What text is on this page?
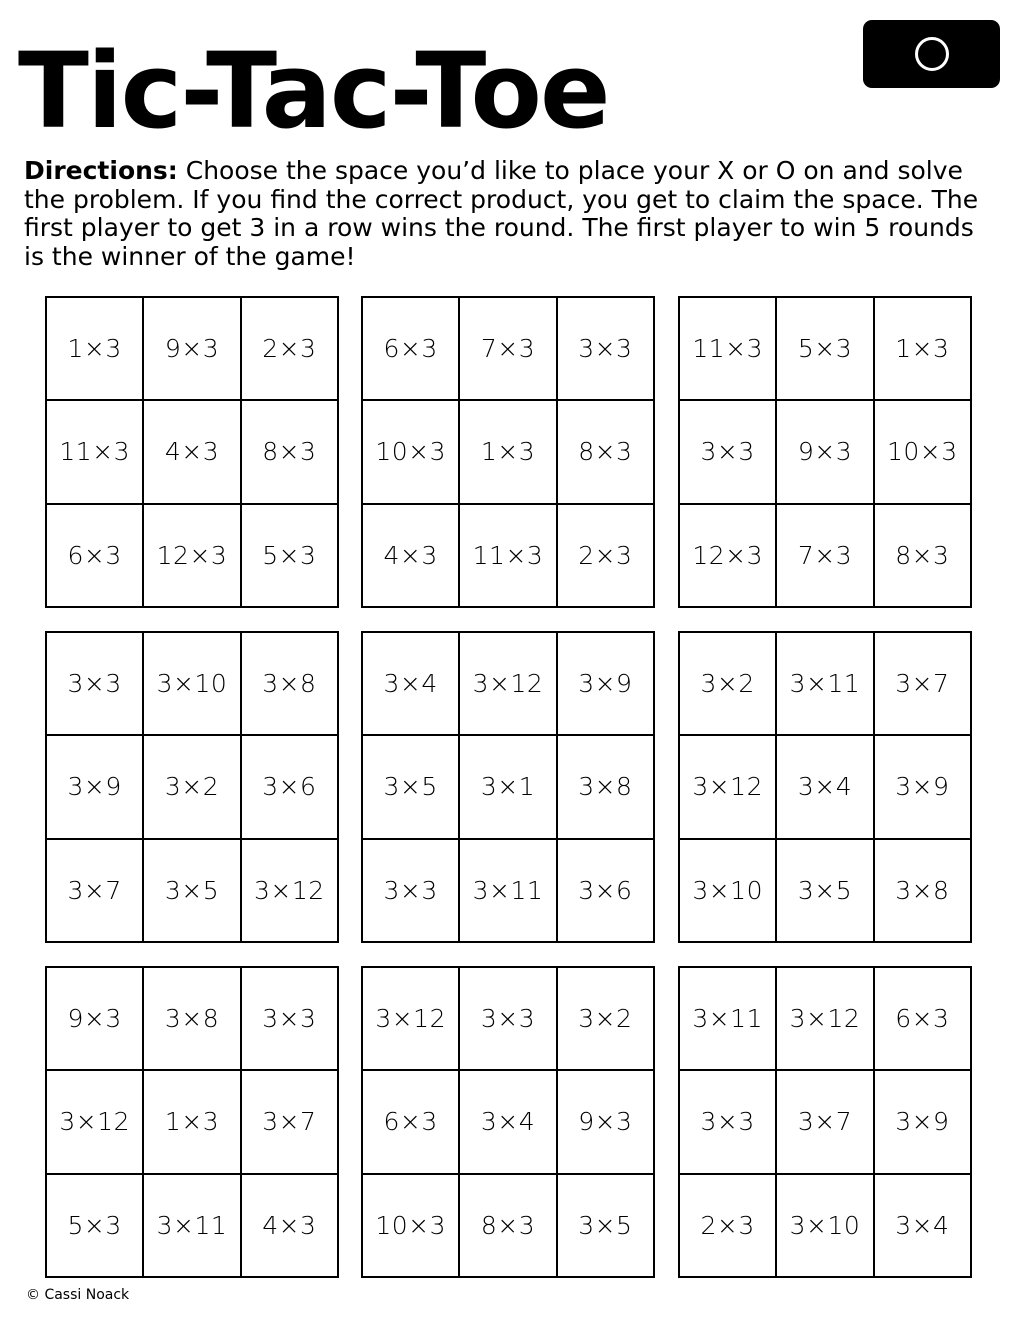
Tic-Tac-Toe

Directions: Choose the space you’d like to place your X or O on and solve the problem. If you find the correct product, you get to claim the space. The first player to get 3 in a row wins the round. The first player to win 5 rounds is the winner of the game!

1×3	9×3	2×3
11×3	4×3	8×3
6×3	12×3	5×3
6×3	7×3	3×3
10×3	1×3	8×3
4×3	11×3	2×3
11×3	5×3	1×3
3×3	9×3	10×3
12×3	7×3	8×3
3×3	3×10	3×8
3×9	3×2	3×6
3×7	3×5	3×12
3×4	3×12	3×9
3×5	3×1	3×8
3×3	3×11	3×6
3×2	3×11	3×7
3×12	3×4	3×9
3×10	3×5	3×8
9×3	3×8	3×3
3×12	1×3	3×7
5×3	3×11	4×3
3×12	3×3	3×2
6×3	3×4	9×3
10×3	8×3	3×5
3×11	3×12	6×3
3×3	3×7	3×9
2×3	3×10	3×4
© Cassi Noack
